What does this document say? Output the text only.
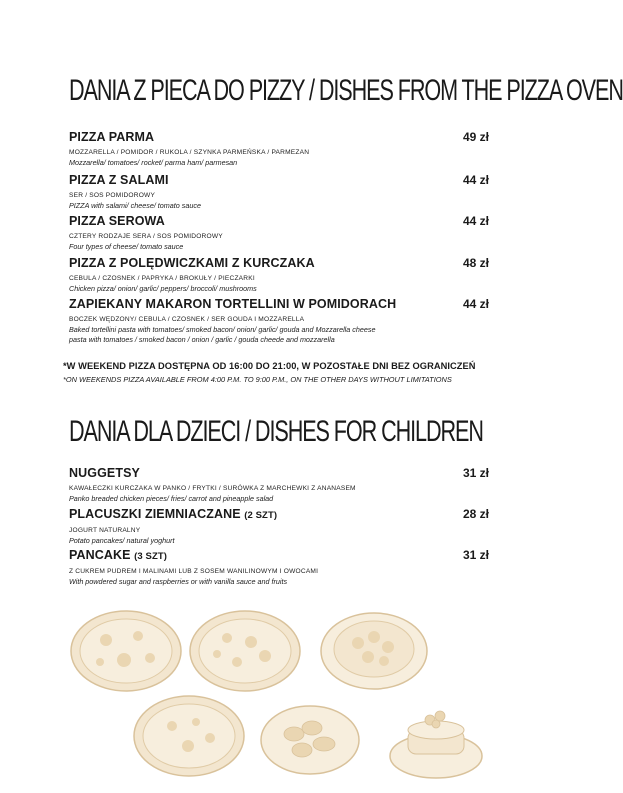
DANIA Z PIECA DO PIZZY / DISHES FROM THE PIZZA OVEN
PIZZA PARMA	49 zł
MOZZARELLA / POMIDOR / RUKOLA / SZYNKA PARMEŃSKA / PARMEZAN
Mozzarella/ tomatoes/ rocket/ parma ham/ parmesan
PIZZA Z SALAMI	44 zł
SER / SOS POMIDOROWY
PIZZA with salami/ cheese/ tomato sauce
PIZZA SEROWA	44 zł
CZTERY RODZAJE SERA / SOS POMIDOROWY
Four types of cheese/ tomato sauce
PIZZA Z POLĘDWICZKAMI Z KURCZAKA	48 zł
CEBULA / CZOSNEK / PAPRYKA / BROKUŁY / PIECZARKI
Chicken pizza/ onion/ garlic/ peppers/ broccoli/ mushrooms
ZAPIEKANY MAKARON TORTELLINI W POMIDORACH	44 zł
BOCZEK WĘDZONY/ CEBULA / CZOSNEK / SER GOUDA I MOZZARELLA
Baked tortellini pasta with tomatoes/ smoked bacon/ onion/ garlic/ gouda and Mozzarella cheese
pasta with tomatoes / smoked bacon / onion / garlic / gouda cheede and mozzarella

*W WEEKEND PIZZA DOSTĘPNA OD 16:00 DO 21:00, W POZOSTAŁE DNI BEZ OGRANICZEŃ

*ON WEEKENDS PIZZA AVAILABLE FROM 4:00 P.M. TO 9:00 P.M., ON THE OTHER DAYS WITHOUT LIMITATIONS

DANIA DLA DZIECI / DISHES FOR CHILDREN
NUGGETSY	31 zł
KAWAŁECZKI KURCZAKA W PANKO / FRYTKI / SURÓWKA Z MARCHEWKI Z ANANASEM
Panko breaded chicken pieces/ fries/ carrot and pineapple salad
PLACUSZKI ZIEMNIACZANE (2 SZT)	28 zł
JOGURT NATURALNY
Potato pancakes/ natural yoghurt
PANCAKE (3 SZT)	31 zł
Z CUKREM PUDREM I MALINAMI LUB Z SOSEM WANILINOWYM I OWOCAMI
With powdered sugar and raspberries or with vanilla sauce and fruits
